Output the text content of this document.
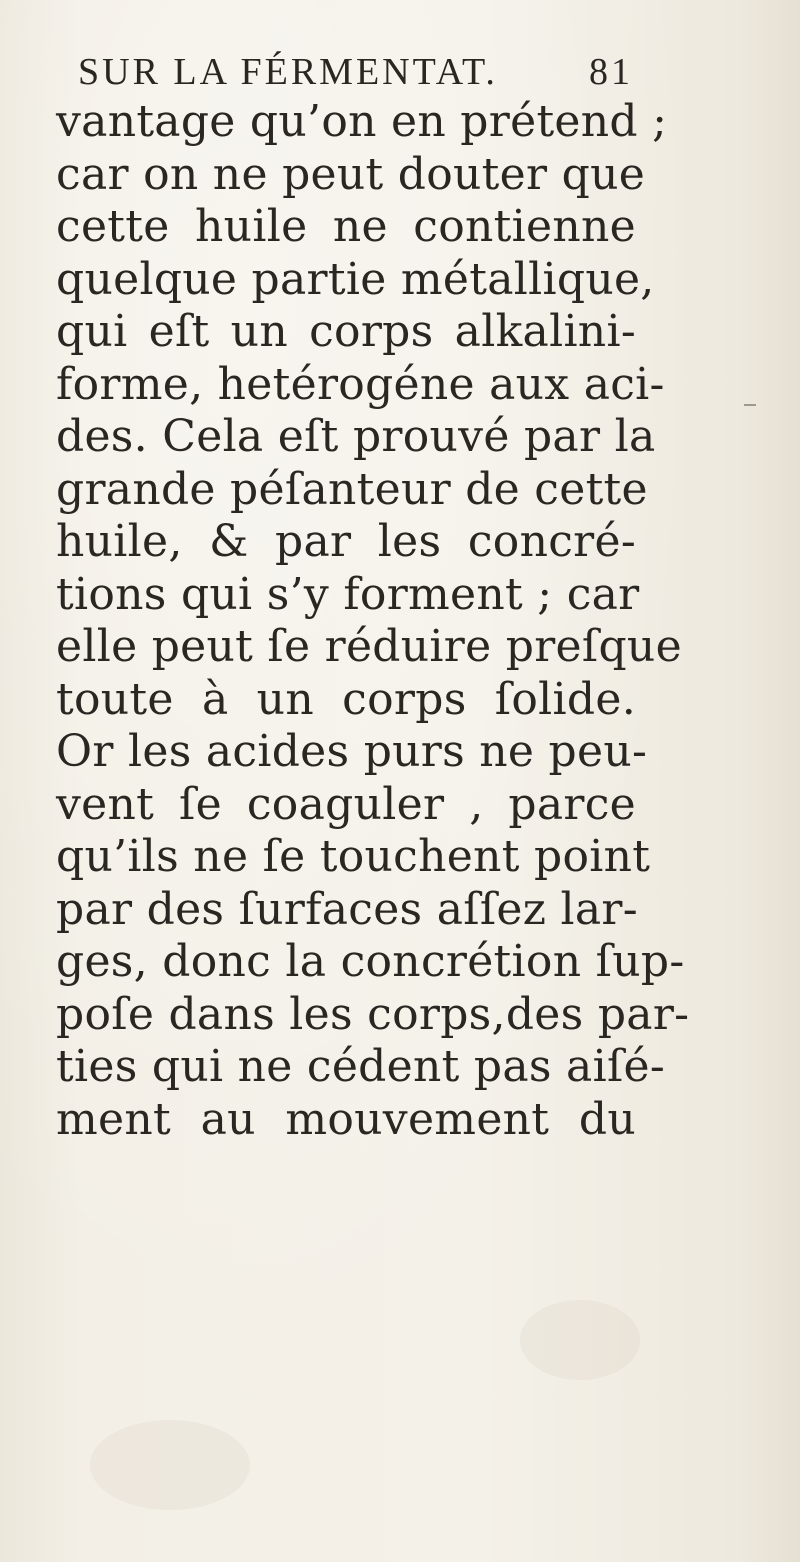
SUR LA FÉRMENTAT. 81
vantage qu’on en prétend ;
car on ne peut douter que
cette huile ne contienne
quelque partie métallique,
qui eſt un corps alkalini-
forme, hetérogéne aux aci-
des. Cela eſt prouvé par la
grande péſanteur de cette
huile, & par les concré-
tions qui s’y forment ; car
elle peut ſe réduire preſque
toute à un corps ſolide.
Or les acides purs ne peu-
vent ſe coaguler , parce
qu’ils ne ſe touchent point
par des ſurfaces aſſez lar-
ges, donc la concrétion ſup-
poſe dans les corps,des par-
ties qui ne cédent pas aiſé-
ment au mouvement du
